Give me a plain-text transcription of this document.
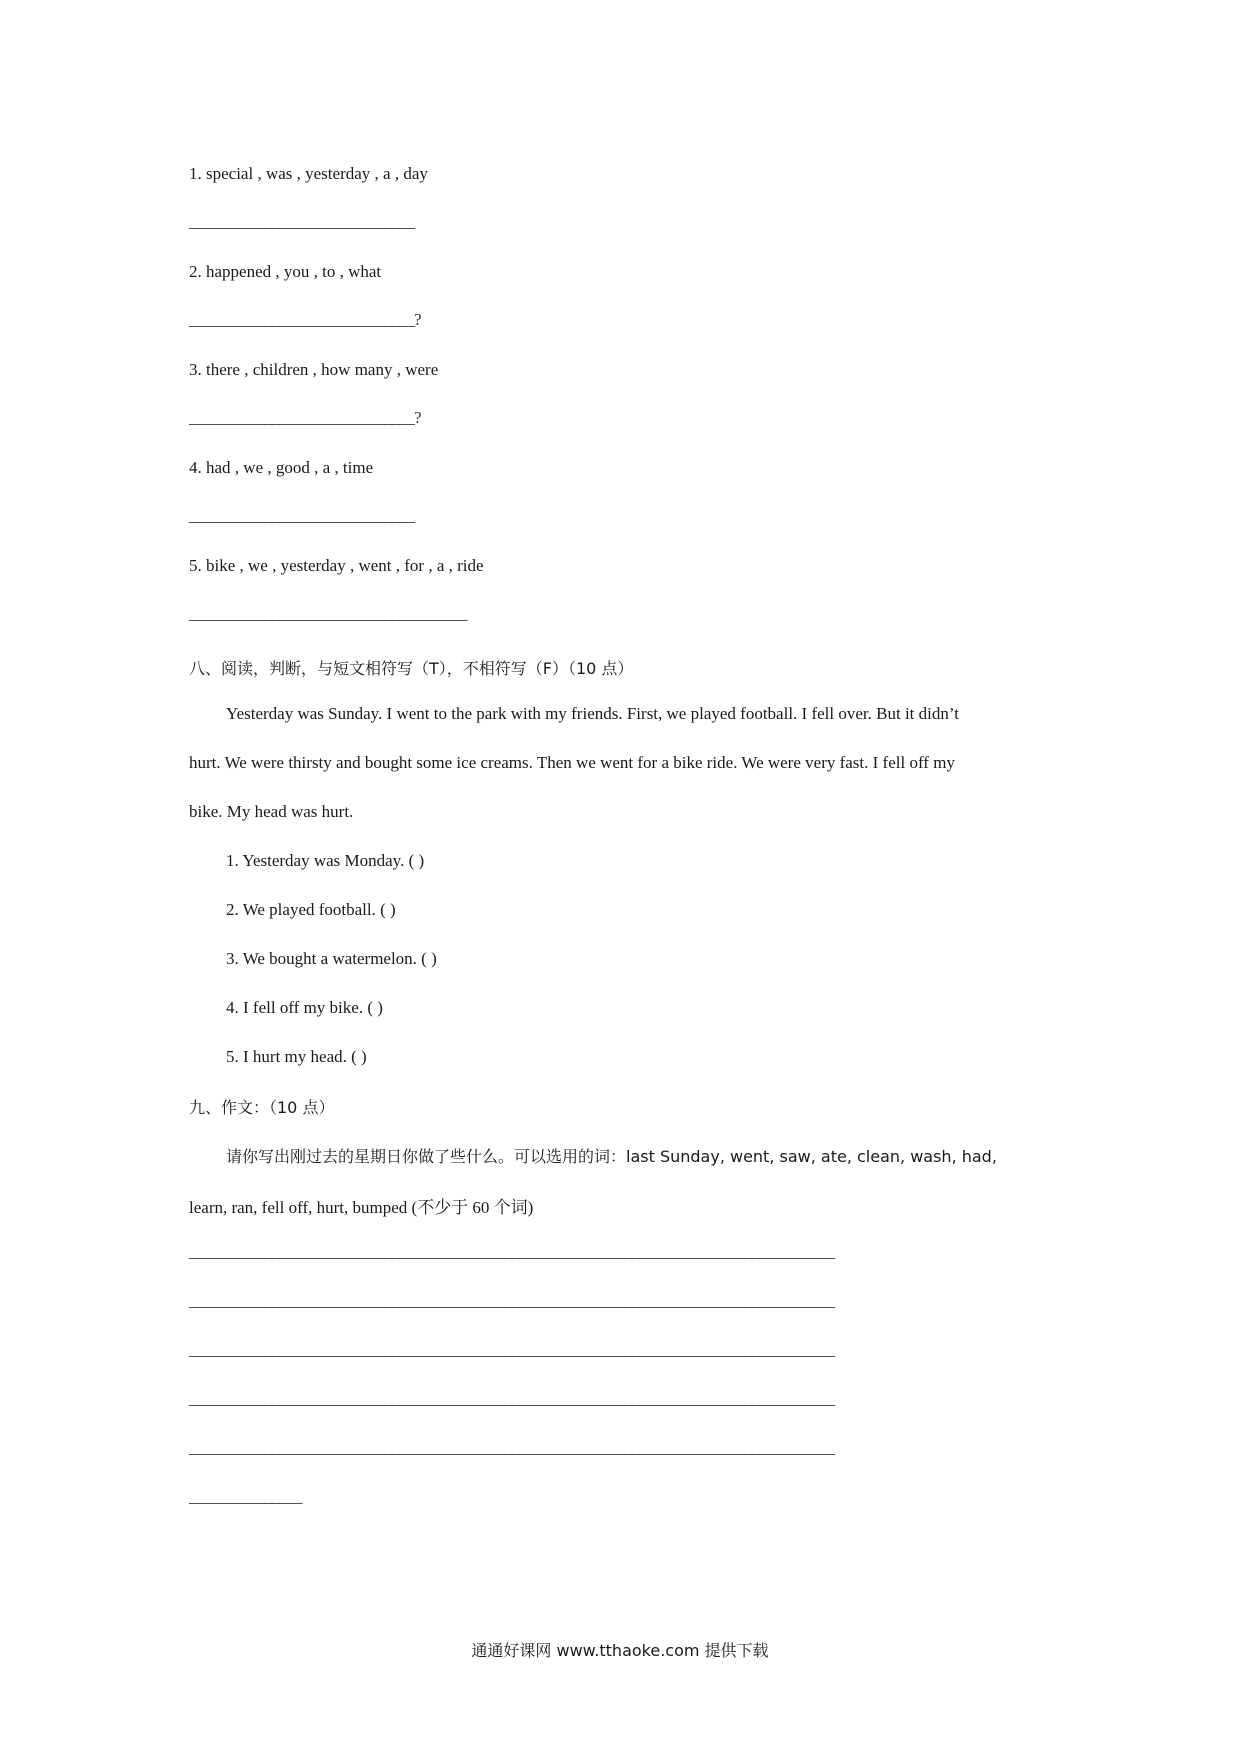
1. special , was , yesterday , a , day
______________________________
2. happened , you , to , what
______________________________?
3. there , children , how many , were
______________________________?
4. had , we , good , a , time
______________________________
5. bike , we , yesterday , went , for , a , ride
_____________________________________
八、阅读，判断，与短文相符写（T），不相符写（F）（10 点）
Yesterday was Sunday. I went to the park with my friends. First, we played football. I fell over. But it didn’t
hurt. We were thirsty and bought some ice creams. Then we went for a bike ride. We were very fast. I fell off my
bike. My head was hurt.
1. Yesterday was Monday. ( )
2. We played football. ( )
3. We bought a watermelon. ( )
4. I fell off my bike. ( )
5. I hurt my head. ( )
九、作文：（10 点）
请你写出刚过去的星期日你做了些什么。可以选用的词：last Sunday, went, saw, ate, clean, wash, had,
learn, ran, fell off, hurt, bumped (不少于 60 个词)
______________________________________________________________________________________
______________________________________________________________________________________
______________________________________________________________________________________
______________________________________________________________________________________
______________________________________________________________________________________
_______________
通通好课网 www.tthaoke.com 提供下载
